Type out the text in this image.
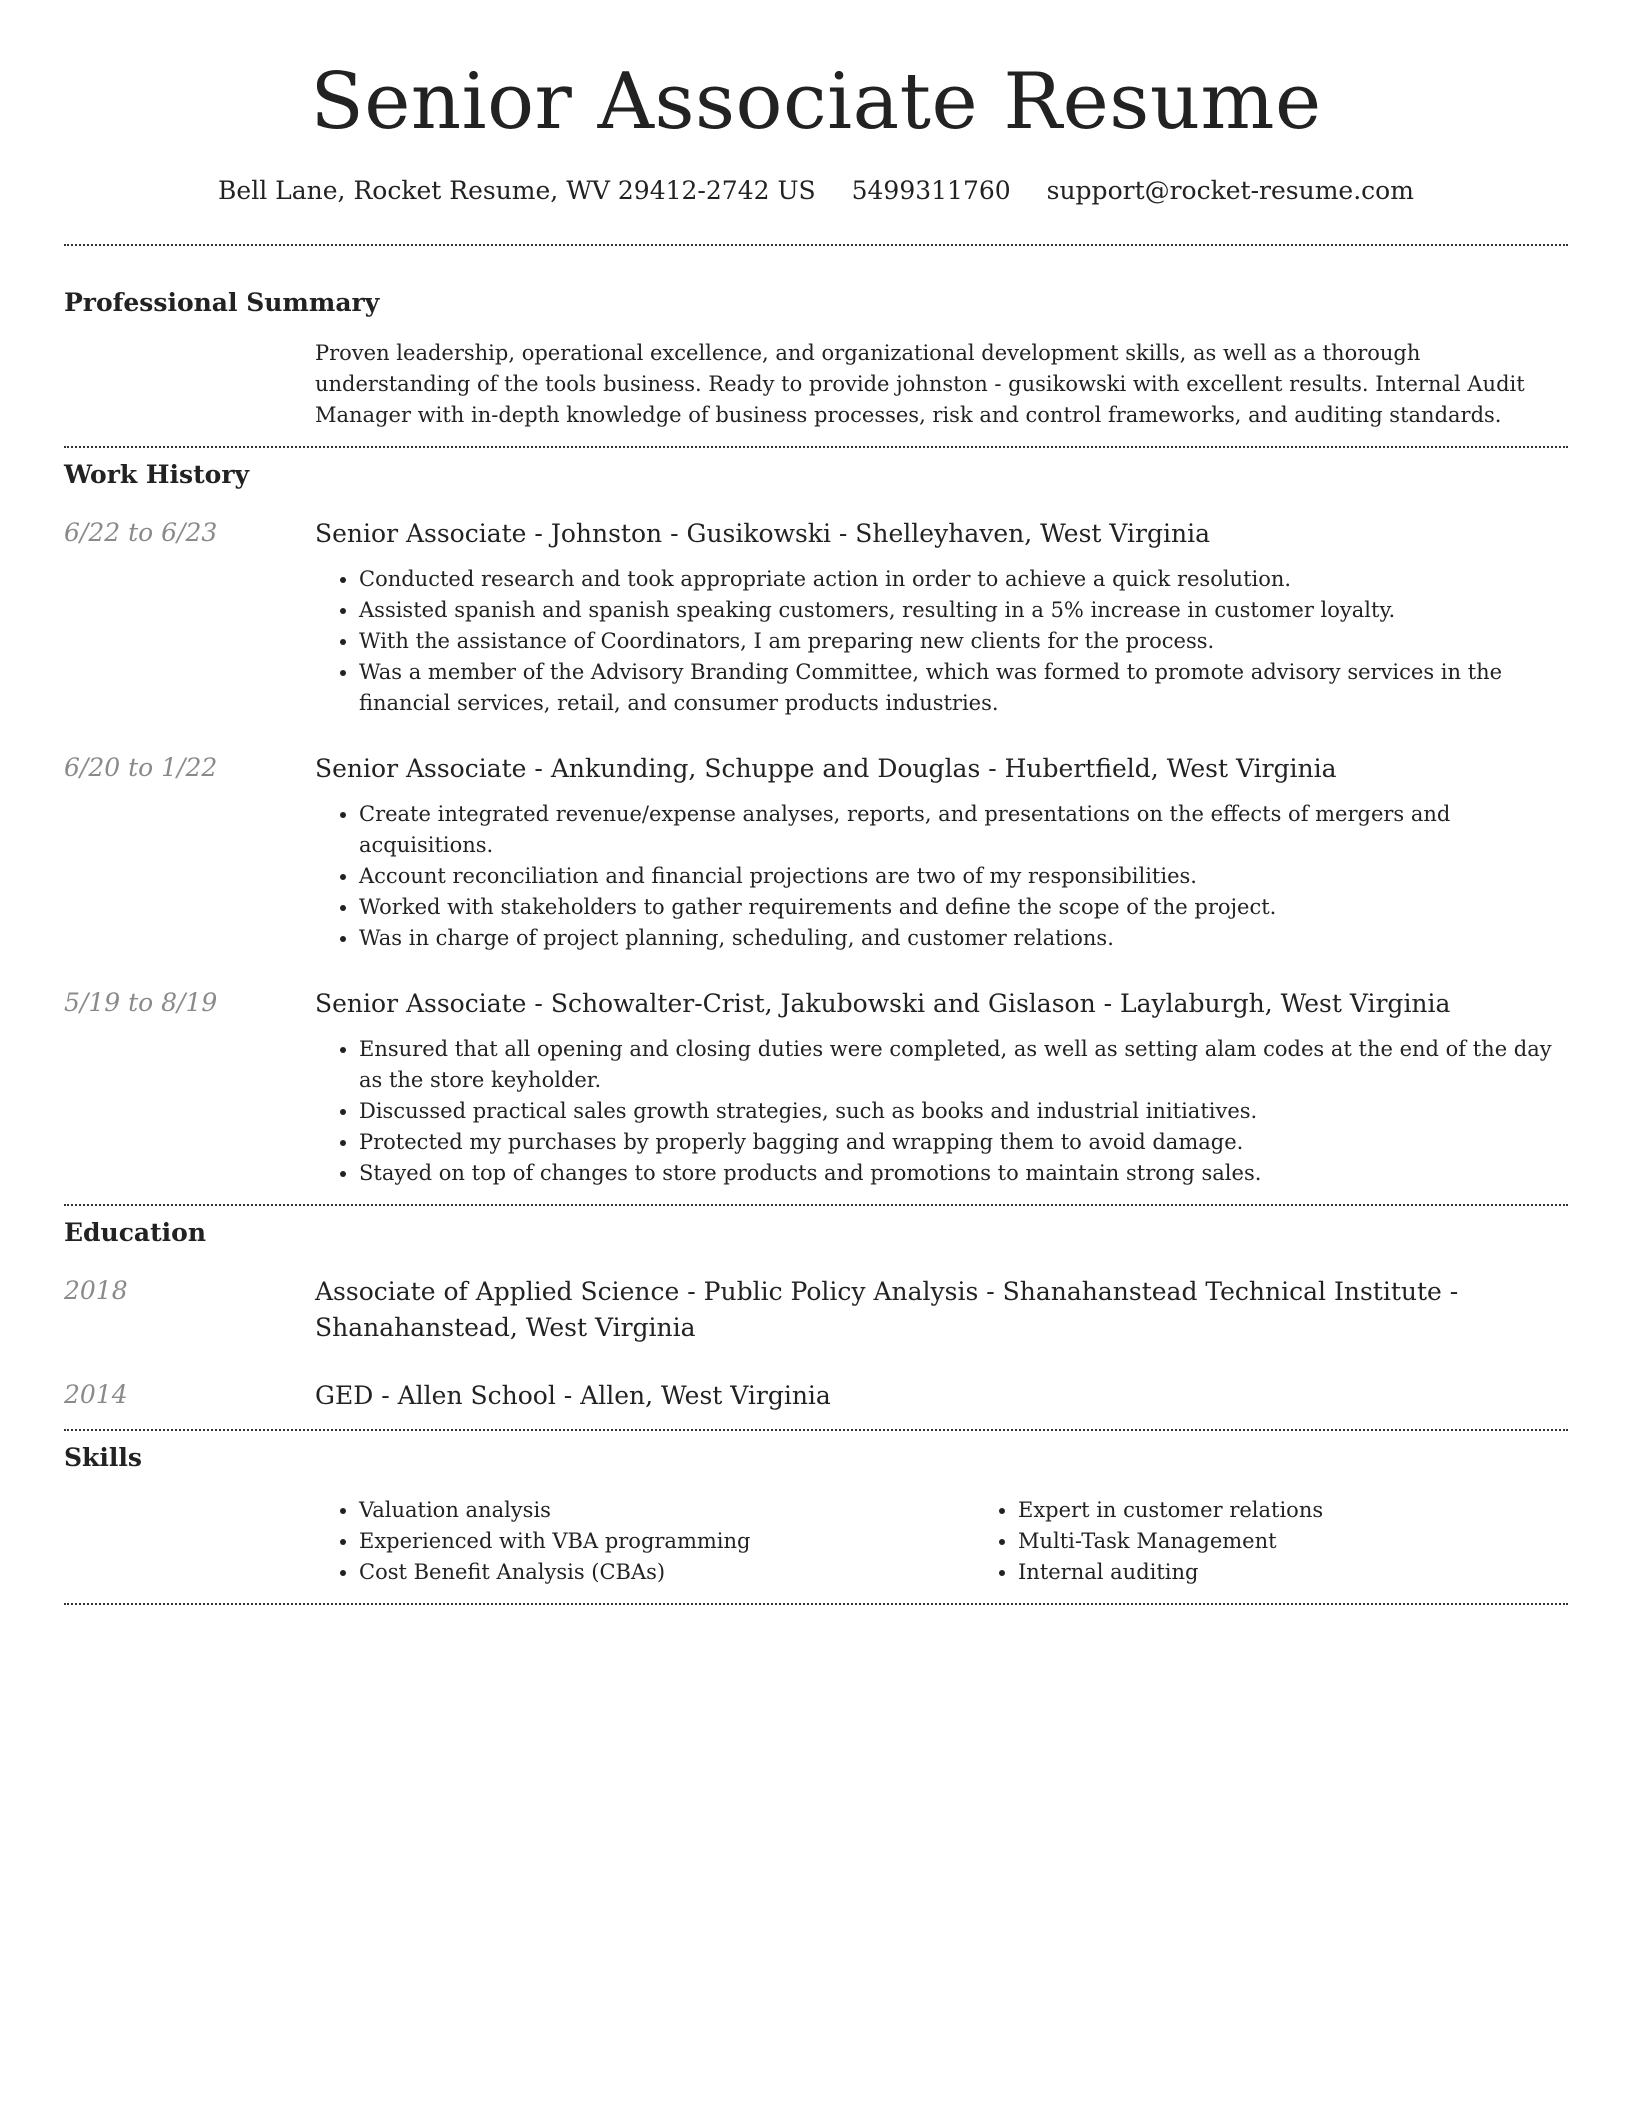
Senior Associate Resume
Bell Lane, Rocket Resume, WV 29412-2742 US 5499311760 support@rocket-resume.com
Professional Summary

Proven leadership, operational excellence, and organizational development skills, as well as a thorough understanding of the tools business. Ready to provide johnston - gusikowski with excellent results. Internal Audit Manager with in-depth knowledge of business processes, risk and control frameworks, and auditing standards.

Work History
6/22 to 6/23	Senior Associate - Johnston - Gusikowski - Shelleyhaven, West Virginia
• Conducted research and took appropriate action in order to achieve a quick resolution.
• Assisted spanish and spanish speaking customers, resulting in a 5% increase in customer loyalty.
• With the assistance of Coordinators, I am preparing new clients for the process.
• Was a member of the Advisory Branding Committee, which was formed to promote advisory services in the financial services, retail, and consumer products industries.
6/20 to 1/22	Senior Associate - Ankunding, Schuppe and Douglas - Hubertfield, West Virginia
• Create integrated revenue/expense analyses, reports, and presentations on the effects of mergers and acquisitions.
• Account reconciliation and financial projections are two of my responsibilities.
• Worked with stakeholders to gather requirements and define the scope of the project.
• Was in charge of project planning, scheduling, and customer relations.
5/19 to 8/19	Senior Associate - Schowalter-Crist, Jakubowski and Gislason - Laylaburgh, West Virginia
• Ensured that all opening and closing duties were completed, as well as setting alam codes at the end of the day as the store keyholder.
• Discussed practical sales growth strategies, such as books and industrial initiatives.
• Protected my purchases by properly bagging and wrapping them to avoid damage.
• Stayed on top of changes to store products and promotions to maintain strong sales.
Education
2018	Associate of Applied Science - Public Policy Analysis - Shanahanstead Technical Institute - Shanahanstead, West Virginia
2014	GED - Allen School - Allen, West Virginia
Skills
• Valuation analysis
• Experienced with VBA programming
• Cost Benefit Analysis (CBAs)
• Expert in customer relations
• Multi-Task Management
• Internal auditing
